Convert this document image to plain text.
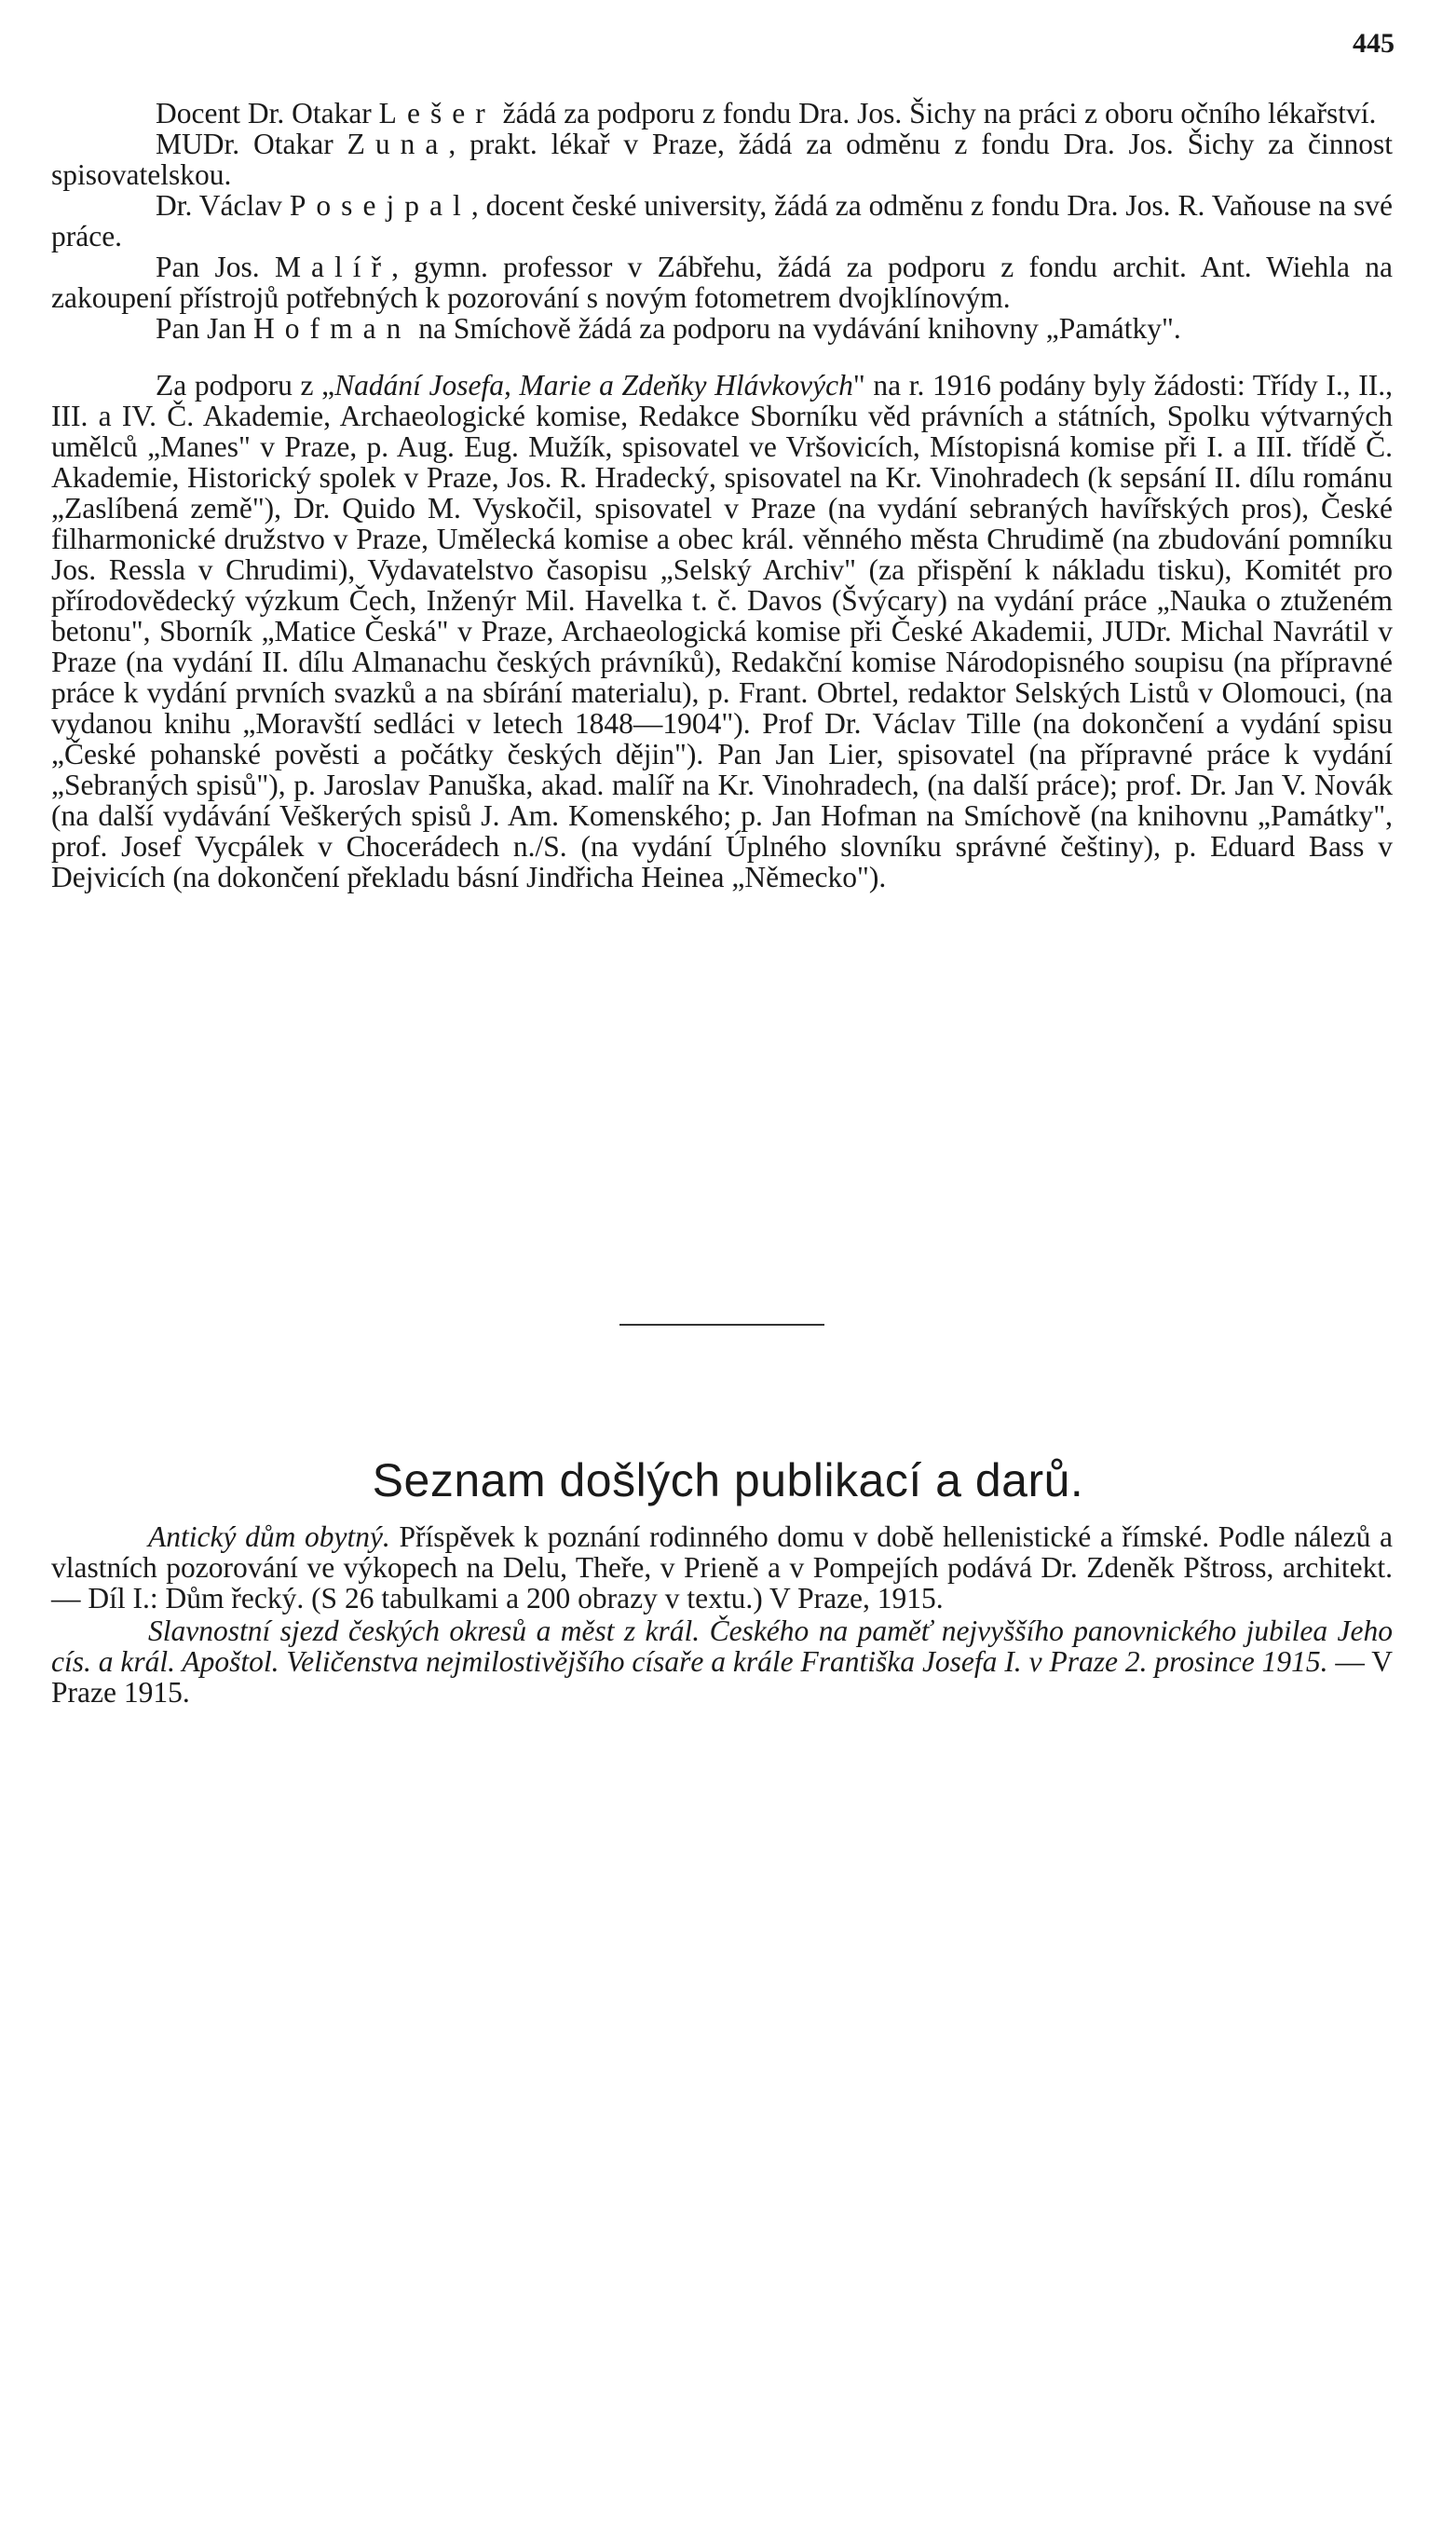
445

Docent Dr. Otakar Lešer žádá za podporu z fondu Dra. Jos. Šichy na práci z oboru očního lékařství.

MUDr. Otakar Zuna, prakt. lékař v Praze, žádá za odměnu z fondu Dra. Jos. Šichy za činnost spisovatelskou.

Dr. Václav Posejpal, docent české university, žádá za odměnu z fondu Dra. Jos. R. Vaňouse na své práce.

Pan Jos. Malíř, gymn. professor v Zábřehu, žádá za podporu z fondu archit. Ant. Wiehla na zakoupení přístrojů potřebných k pozorování s novým fotometrem dvojklínovým.

Pan Jan Hofman na Smíchově žádá za podporu na vydávání knihovny „Památky".

Za podporu z „Nadání Josefa, Marie a Zdeňky Hlávkových" na r. 1916 podány byly žádosti: Třídy I., II., III. a IV. Č. Akademie, Archaeologické komise, Redakce Sborníku věd právních a státních, Spolku výtvarných umělců „Manes" v Praze, p. Aug. Eug. Mužík, spisovatel ve Vršovicích, Místopisná komise při I. a III. třídě Č. Akademie, Historický spolek v Praze, Jos. R. Hradecký, spisovatel na Kr. Vinohradech (k sepsání II. dílu románu „Zaslíbená země"), Dr. Quido M. Vyskočil, spisovatel v Praze (na vydání sebraných havířských pros), České filharmonické družstvo v Praze, Umělecká komise a obec král. věnného města Chrudimě (na zbudování pomníku Jos. Ressla v Chrudimi), Vydavatelstvo časopisu „Selský Archiv" (za přispění k nákladu tisku), Komitét pro přírodovědecký výzkum Čech, Inženýr Mil. Havelka t. č. Davos (Švýcary) na vydání práce „Nauka o ztuženém betonu", Sborník „Matice Česká" v Praze, Archaeologická komise při České Akademii, JUDr. Michal Navrátil v Praze (na vydání II. dílu Almanachu českých právníků), Redakční komise Národopisného soupisu (na přípravné práce k vydání prvních svazků a na sbírání materialu), p. Frant. Obrtel, redaktor Selských Listů v Olomouci, (na vydanou knihu „Moravští sedláci v letech 1848—1904"). Prof Dr. Václav Tille (na dokončení a vydání spisu „České pohanské pověsti a počátky českých dějin"). Pan Jan Lier, spisovatel (na přípravné práce k vydání „Sebraných spisů"), p. Jaroslav Panuška, akad. malíř na Kr. Vinohradech, (na další práce); prof. Dr. Jan V. Novák (na další vydávání Veškerých spisů J. Am. Komenského; p. Jan Hofman na Smíchově (na knihovnu „Památky", prof. Josef Vycpálek v Chocerádech n./S. (na vydání Úplného slovníku správné češtiny), p. Eduard Bass v Dejvicích (na dokončení překladu básní Jindřicha Heinea „Německo").

Seznam došlých publikací a darů.

Antický dům obytný. Příspěvek k poznání rodinného domu v době hellenistické a římské. Podle nálezů a vlastních pozorování ve výkopech na Delu, Theře, v Prieně a v Pompejích podává Dr. Zdeněk Pštross, architekt. — Díl I.: Dům řecký. (S 26 tabulkami a 200 obrazy v textu.) V Praze, 1915.

Slavnostní sjezd českých okresů a měst z král. Českého na paměť nejvyššího panovnického jubilea Jeho cís. a král. Apoštol. Veličenstva nejmilostivějšího císaře a krále Františka Josefa I. v Praze 2. prosince 1915. — V Praze 1915.
